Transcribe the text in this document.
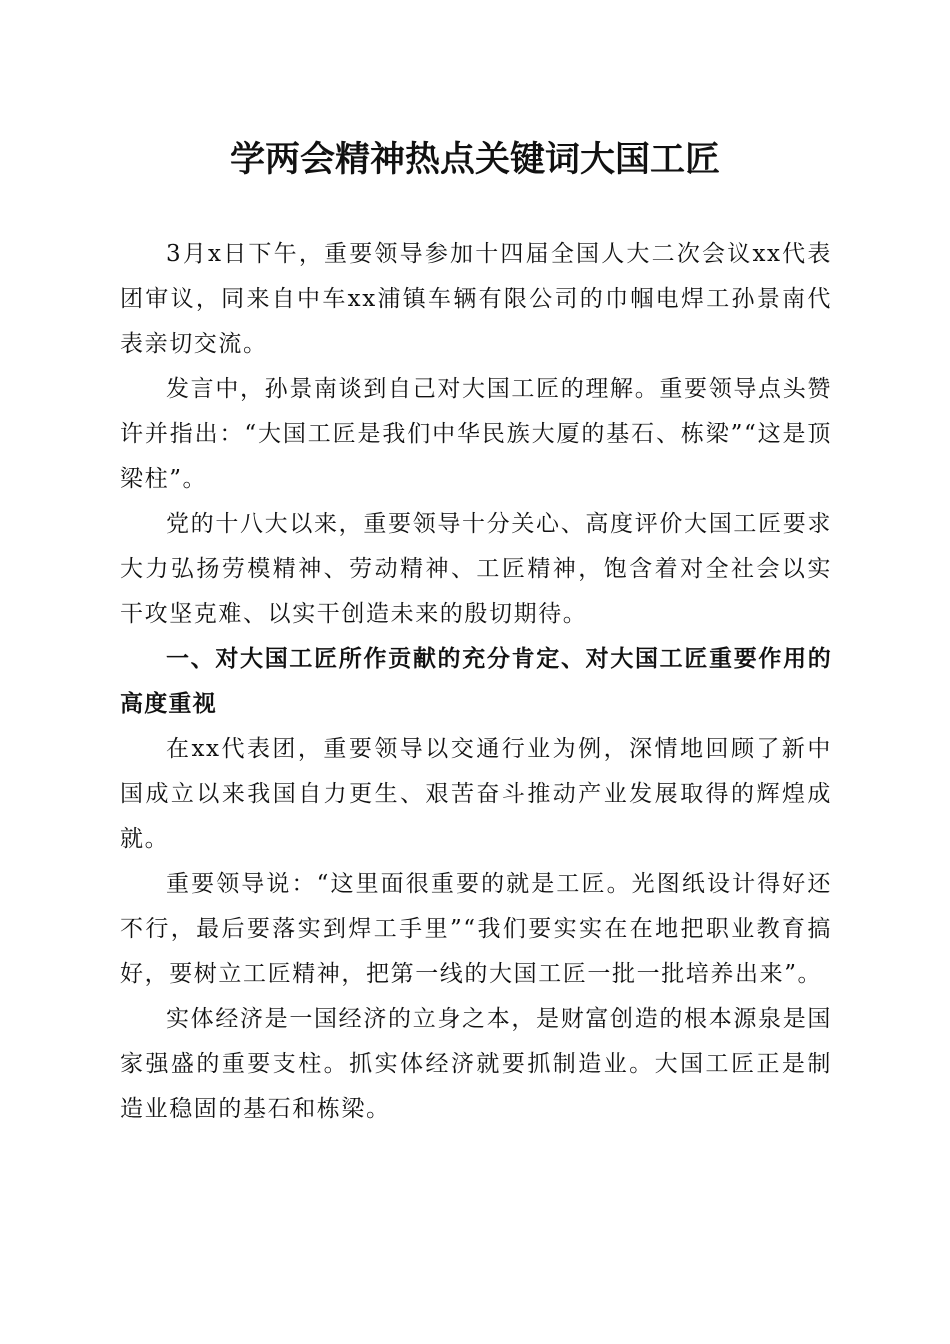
学两会精神热点关键词大国工匠

3月x日下午，重要领导参加十四届全国人大二次会议xx代表团审议，同来自中车xx浦镇车辆有限公司的巾帼电焊工孙景南代表亲切交流。

发言中，孙景南谈到自己对大国工匠的理解。重要领导点头赞许并指出：“大国工匠是我们中华民族大厦的基石、栋梁”“这是顶梁柱”。

党的十八大以来，重要领导十分关心、高度评价大国工匠要求大力弘扬劳模精神、劳动精神、工匠精神，饱含着对全社会以实干攻坚克难、以实干创造未来的殷切期待。

一、对大国工匠所作贡献的充分肯定、对大国工匠重要作用的高度重视

在xx代表团，重要领导以交通行业为例，深情地回顾了新中国成立以来我国自力更生、艰苦奋斗推动产业发展取得的辉煌成就。

重要领导说：“这里面很重要的就是工匠。光图纸设计得好还不行，最后要落实到焊工手里”“我们要实实在在地把职业教育搞好，要树立工匠精神，把第一线的大国工匠一批一批培养出来”。

实体经济是一国经济的立身之本，是财富创造的根本源泉是国家强盛的重要支柱。抓实体经济就要抓制造业。大国工匠正是制造业稳固的基石和栋梁。
